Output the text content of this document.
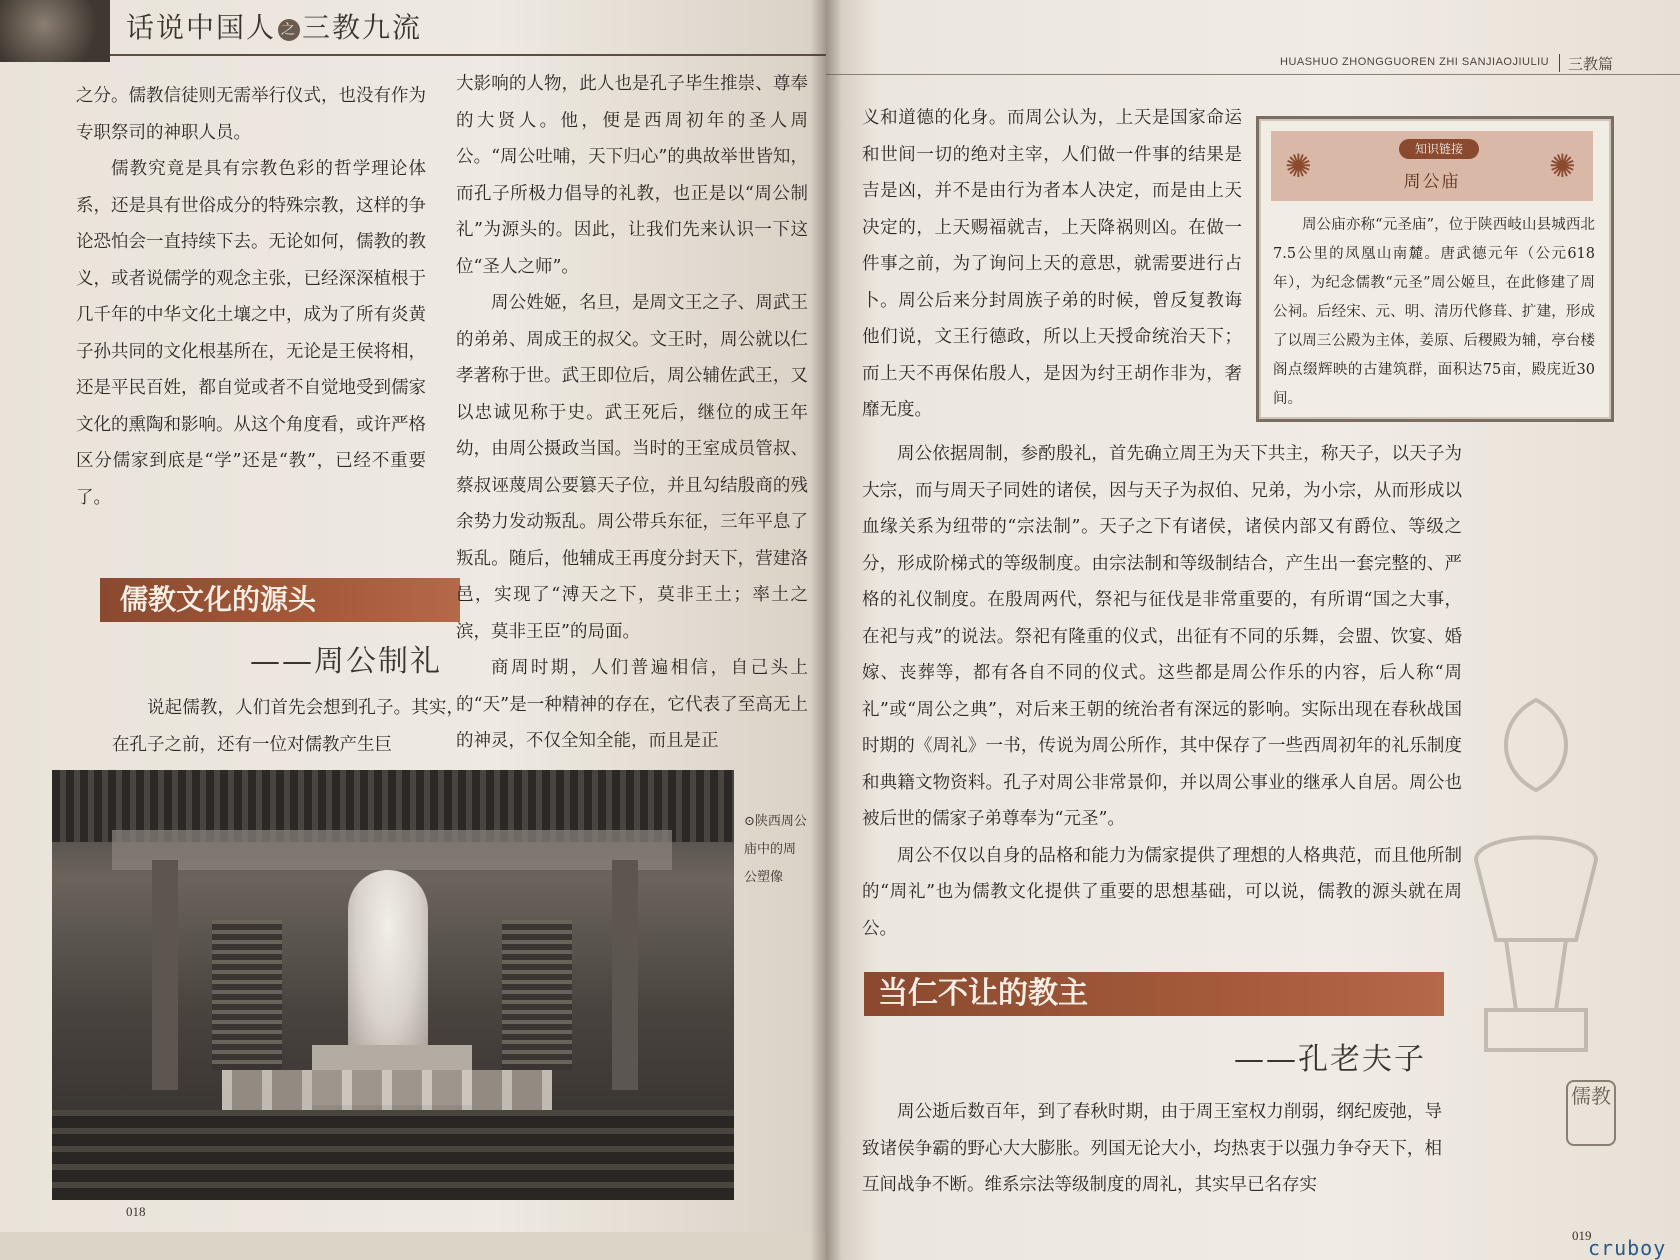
话说中国人 之 三教九流

之分。儒教信徒则无需举行仪式，也没有作为专职祭司的神职人员。

儒教究竟是具有宗教色彩的哲学理论体系，还是具有世俗成分的特殊宗教，这样的争论恐怕会一直持续下去。无论如何，儒教的教义，或者说儒学的观念主张，已经深深植根于几千年的中华文化土壤之中，成为了所有炎黄子孙共同的文化根基所在，无论是王侯将相，还是平民百姓，都自觉或者不自觉地受到儒家文化的熏陶和影响。从这个角度看，或许严格区分儒家到底是“学”还是“教”，已经不重要了。

儒教文化的源头
——周公制礼
说起儒教，人们首先会想到孔子。其实，在孔子之前，还有一位对儒教产生巨

大影响的人物，此人也是孔子毕生推崇、尊奉的大贤人。他，便是西周初年的圣人周公。“周公吐哺，天下归心”的典故举世皆知，而孔子所极力倡导的礼教，也正是以“周公制礼”为源头的。因此，让我们先来认识一下这位“圣人之师”。

周公姓姬，名旦，是周文王之子、周武王的弟弟、周成王的叔父。文王时，周公就以仁孝著称于世。武王即位后，周公辅佐武王，又以忠诚见称于史。武王死后，继位的成王年幼，由周公摄政当国。当时的王室成员管叔、蔡叔诬蔑周公要篡天子位，并且勾结殷商的残余势力发动叛乱。周公带兵东征，三年平息了叛乱。随后，他辅成王再度分封天下，营建洛邑，实现了“溥天之下，莫非王土；率土之滨，莫非王臣”的局面。

商周时期，人们普遍相信，自己头上的“天”是一种精神的存在，它代表了至高无上的神灵，不仅全知全能，而且是正

⊙陕西周公庙中的周公塑像
018
HUASHUO ZHONGGUOREN ZHI SANJIAOJIULIU 三教篇
义和道德的化身。而周公认为，上天是国家命运和世间一切的绝对主宰，人们做一件事的结果是吉是凶，并不是由行为者本人决定，而是由上天决定的，上天赐福就吉，上天降祸则凶。在做一件事之前，为了询问上天的意思，就需要进行占卜。周公后来分封周族子弟的时候，曾反复教诲他们说，文王行德政，所以上天授命统治天下；而上天不再保佑殷人，是因为纣王胡作非为，奢靡无度。
✺	知识链接
周公庙	✺

周公庙亦称“元圣庙”，位于陕西岐山县城西北7.5公里的凤凰山南麓。唐武德元年（公元618年），为纪念儒教“元圣”周公姬旦，在此修建了周公祠。后经宋、元、明、清历代修葺、扩建，形成了以周三公殿为主体，姜原、后稷殿为辅，亭台楼阁点缀辉映的古建筑群，面积达75亩，殿庑近30间。

周公依据周制，参酌殷礼，首先确立周王为天下共主，称天子，以天子为大宗，而与周天子同姓的诸侯，因与天子为叔伯、兄弟，为小宗，从而形成以血缘关系为纽带的“宗法制”。天子之下有诸侯，诸侯内部又有爵位、等级之分，形成阶梯式的等级制度。由宗法制和等级制结合，产生出一套完整的、严格的礼仪制度。在殷周两代，祭祀与征伐是非常重要的，有所谓“国之大事，在祀与戎”的说法。祭祀有隆重的仪式，出征有不同的乐舞，会盟、饮宴、婚嫁、丧葬等，都有各自不同的仪式。这些都是周公作乐的内容，后人称“周礼”或“周公之典”，对后来王朝的统治者有深远的影响。实际出现在春秋战国时期的《周礼》一书，传说为周公所作，其中保存了一些西周初年的礼乐制度和典籍文物资料。孔子对周公非常景仰，并以周公事业的继承人自居。周公也被后世的儒家子弟尊奉为“元圣”。

周公不仅以自身的品格和能力为儒家提供了理想的人格典范，而且他所制的“周礼”也为儒教文化提供了重要的思想基础，可以说，儒教的源头就在周公。

当仁不让的教主
——孔老夫子
周公逝后数百年，到了春秋时期，由于周王室权力削弱，纲纪废弛，导致诸侯争霸的野心大大膨胀。列国无论大小，均热衷于以强力争夺天下，相互间战争不断。维系宗法等级制度的周礼，其实早已名存实
儒教
019
cruboy
